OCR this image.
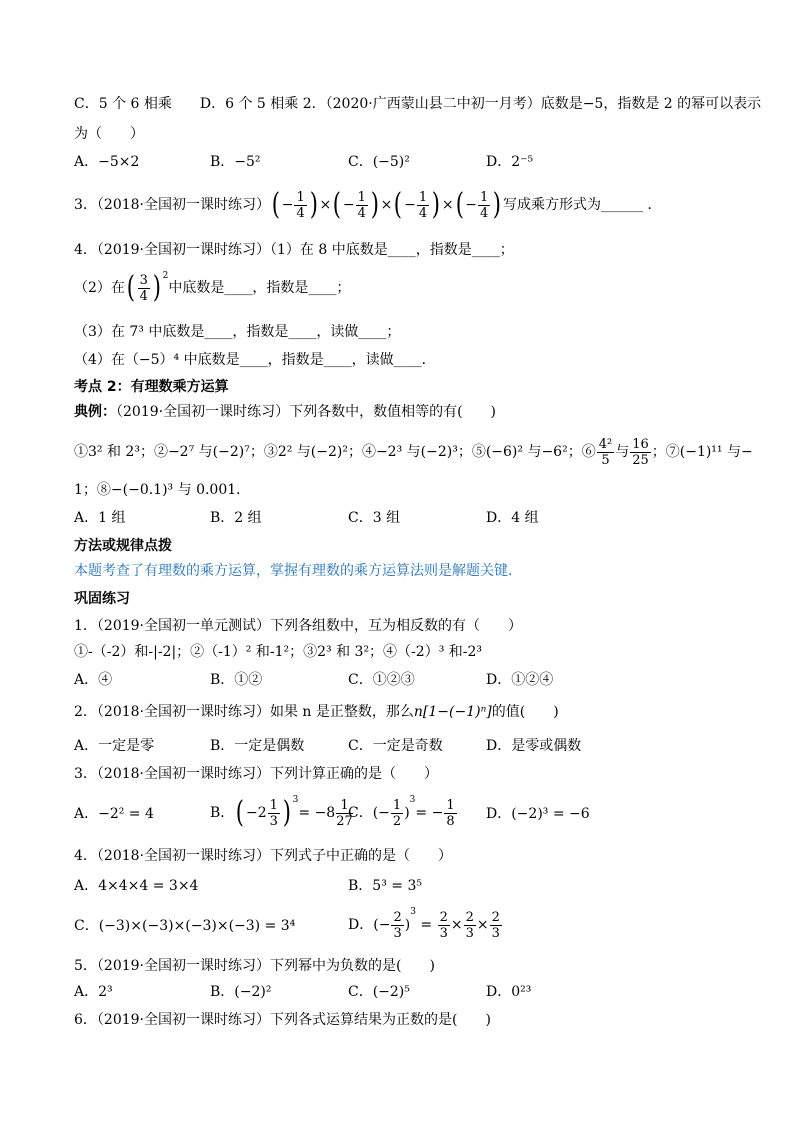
C．5 个 6 相乘　　D．6 个 5 相乘 2．（2020·广西蒙山县二中初一月考）底数是−5，指数是 2 的幂可以表示
为（　　）
A．−5×2	B．−5²	C．(−5)²	D．2⁻⁵
3．（2018·全国初一课时练习） ( − $\frac{1}{4}$ ) × ( − $\frac{1}{4}$ ) × ( − $\frac{1}{4}$ ) × ( − $\frac{1}{4}$ ) 写成乘方形式为______ ．
4．（2019·全国初一课时练习）（1）在 8 中底数是____，指数是____；
（2）在 ( $\frac{3}{4} )^2$
中底数是____，指数是____；
（3）在 7³ 中底数是____，指数是____，读做____；
（4）在（−5）⁴ 中底数是____，指数是____，读做____．
考点 2：有理数乘方运算
典例：（2019·全国初一课时练习）下列各数中，数值相等的有(　　)
①3² 和 2³；②−2⁷ 与(−2)⁷；③2² 与(−2)²；④−2³ 与(−2)³；⑤(−6)² 与−6²；⑥ $\frac{\text{4²}}{5}$ 与 $\frac{16}{25}$ ；⑦(−1)¹¹ 与−
1；⑧−(−0.1)³ 与 0.001．
A．1 组	B．2 组	C．3 组	D．4 组
方法或规律点拨
本题考查了有理数的乘方运算，掌握有理数的乘方运算法则是解题关键．
巩固练习
1．（2019·全国初一单元测试）下列各组数中，互为相反数的有（　　）
①-（-2）和-|-2|；②（-1）² 和-1²；③2³ 和 3²；④（-2）³ 和-2³
A．④	B．①②	C．①②③	D．①②④
2．（2018·全国初一课时练习）如果 n 是正整数，那么n[1−(−1)ⁿ]的值(　　)
A．一定是零	B．一定是偶数	C．一定是奇数	D．是零或偶数
3．（2018·全国初一课时练习）下列计算正确的是（　　）
A．−2² = 4	B． ( $-2 \frac{1}{3} )^3$
= $-8 \frac{1}{27}$
C． (− $\frac{1}{2}$ )
$^3$
= − $\frac{1}{8}$ D．(−2)³ = −6
4．（2018·全国初一课时练习）下列式子中正确的是（　　）
A．4×4×4 = 3×4	B．5³ = 3⁵
C．(−3)×(−3)×(−3)×(−3) = 3⁴	D． (− $\frac{2}{3}$ )
$^3$
= $\frac{2}{3} \times \frac{2}{3} \times \frac{2}{3}$
5．（2019·全国初一课时练习）下列幂中为负数的是(　　)
A．2³	B．(−2)²	C．(−2)⁵	D．0²³
6．（2019·全国初一课时练习）下列各式运算结果为正数的是(　　)
